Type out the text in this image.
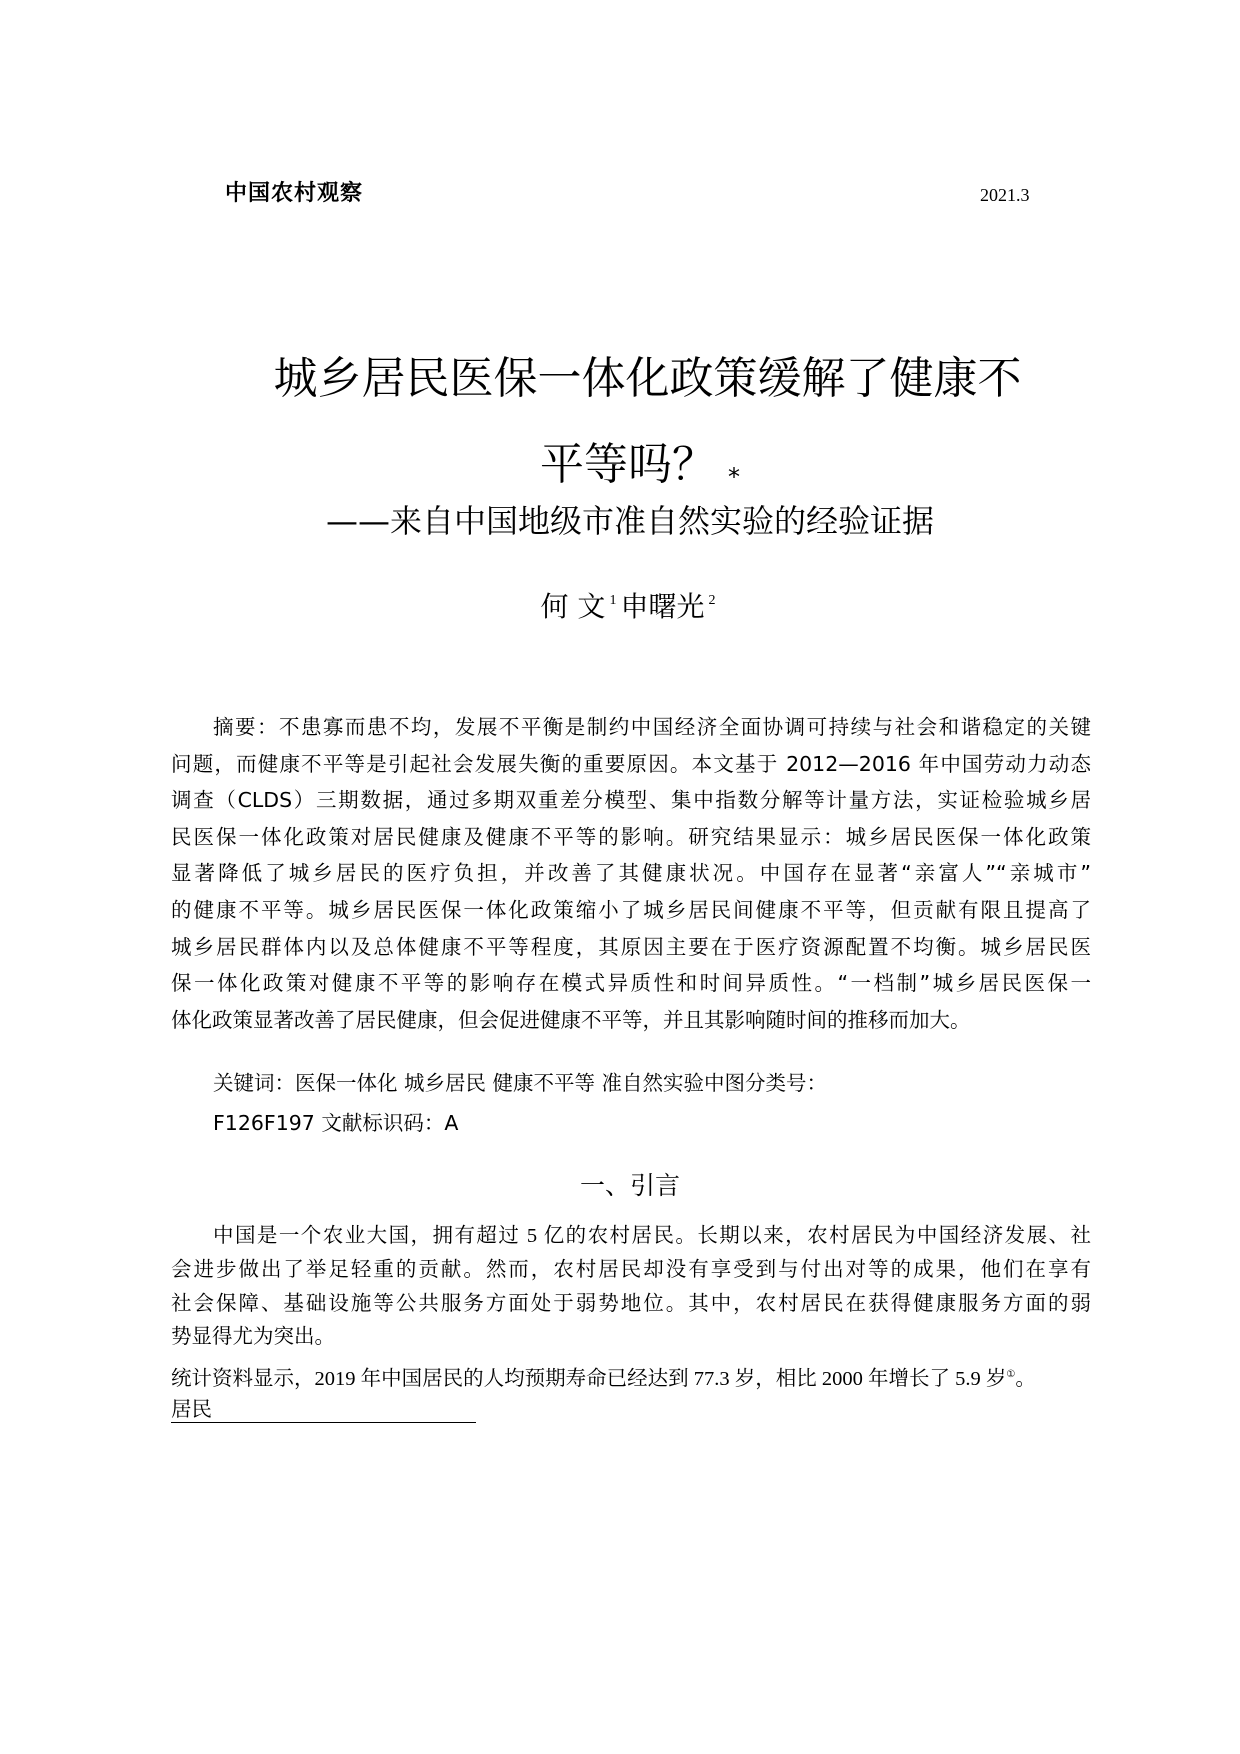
中国农村观察	2021.3
城乡居民医保一体化政策缓解了健康不
平等吗？ *
——来自中国地级市准自然实验的经验证据
何 文 $^1$ 申曙光 $^2$
摘要：不患寡而患不均，发展不平衡是制约中国经济全面协调可持续与社会和谐稳定的关键
问题，而健康不平等是引起社会发展失衡的重要原因。本文基于 2012—2016 年中国劳动力动态
调查（CLDS）三期数据，通过多期双重差分模型、集中指数分解等计量方法，实证检验城乡居
民医保一体化政策对居民健康及健康不平等的影响。研究结果显示：城乡居民医保一体化政策
显著降低了城乡居民的医疗负担，并改善了其健康状况。中国存在显著“亲富人”“亲城市”
的健康不平等。城乡居民医保一体化政策缩小了城乡居民间健康不平等，但贡献有限且提高了
城乡居民群体内以及总体健康不平等程度，其原因主要在于医疗资源配置不均衡。城乡居民医
保一体化政策对健康不平等的影响存在模式异质性和时间异质性。“一档制”城乡居民医保一
体化政策显著改善了居民健康，但会促进健康不平等，并且其影响随时间的推移而加大。
关键词：医保一体化 城乡居民 健康不平等 准自然实验中图分类号：
F126F197 文献标识码：A
一、引言
中国是一个农业大国，拥有超过 5 亿的农村居民。长期以来，农村居民为中国经济发展、社
会进步做出了举足轻重的贡献。然而，农村居民却没有享受到与付出对等的成果，他们在享有
社会保障、基础设施等公共服务方面处于弱势地位。其中，农村居民在获得健康服务方面的弱
势显得尤为突出。
统计资料显示，2019 年中国居民的人均预期寿命已经达到 77.3 岁，相比 2000 年增长了 5.9 岁①。
居民
